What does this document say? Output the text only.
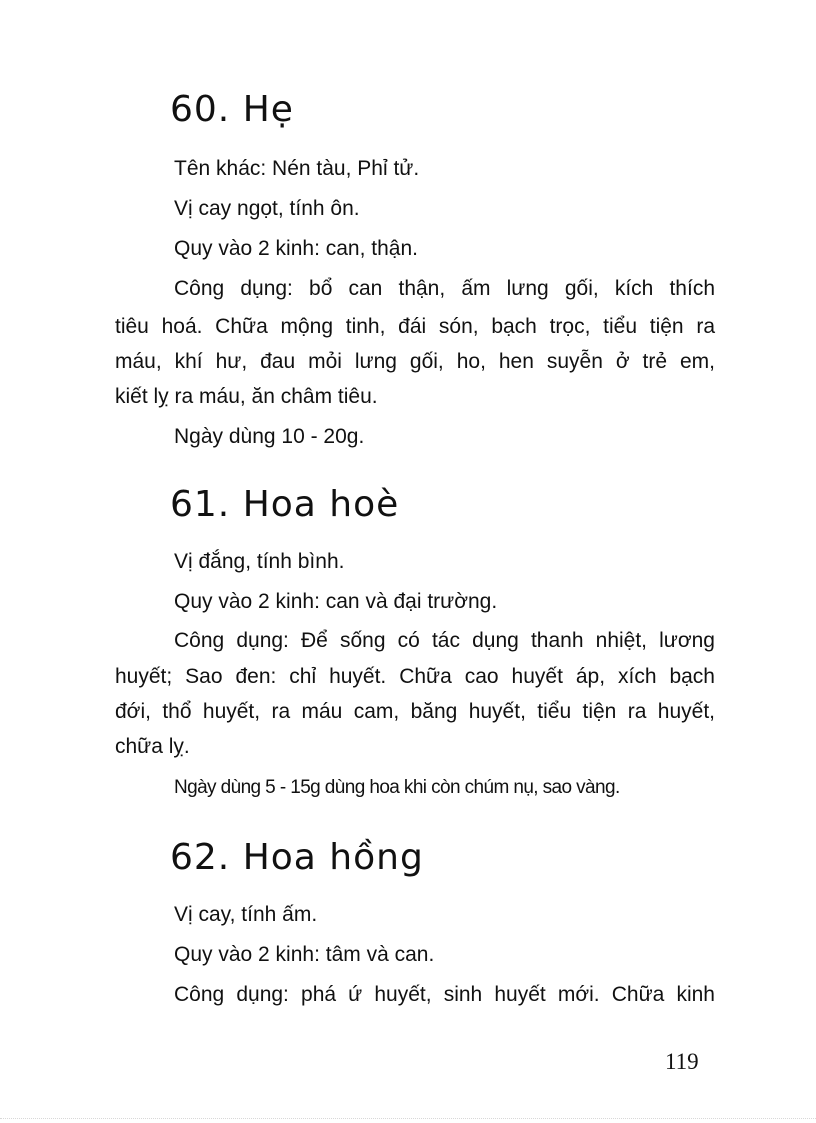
60. Hẹ

Tên khác: Nén tàu, Phỉ tử.

Vị cay ngọt, tính ôn.

Quy vào 2 kinh: can, thận.

Công dụng: bổ can thận, ấm lưng gối, kích thích

tiêu hoá. Chữa mộng tinh, đái són, bạch trọc, tiểu tiện ra

máu, khí hư, đau mỏi lưng gối, ho, hen suyễn ở trẻ em,

kiết lỵ ra máu, ăn châm tiêu.

Ngày dùng 10 - 20g.

61. Hoa hoè

Vị đắng, tính bình.

Quy vào 2 kinh: can và đại trường.

Công dụng: Để sống có tác dụng thanh nhiệt, lương

huyết; Sao đen: chỉ huyết. Chữa cao huyết áp, xích bạch

đới, thổ huyết, ra máu cam, băng huyết, tiểu tiện ra huyết,

chữa lỵ.

Ngày dùng 5 - 15g dùng hoa khi còn chúm nụ, sao vàng.

62. Hoa hồng

Vị cay, tính ấm.

Quy vào 2 kinh: tâm và can.

Công dụng: phá ứ huyết, sinh huyết mới. Chữa kinh

119
